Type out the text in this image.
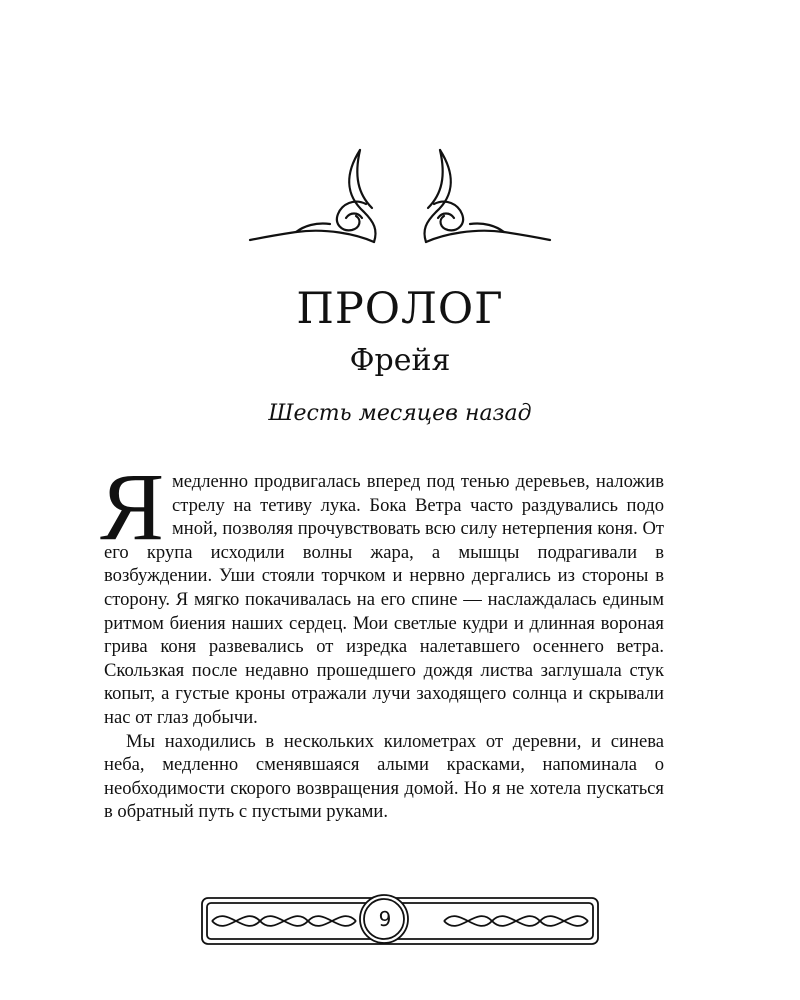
ПРОЛОГ
Фрейя
Шесть месяцев назад

Ямедленно продвигалась вперед под тенью деревьев, наложив стрелу на тетиву лука. Бока Ветра часто раздувались подо мной, позволяя прочувствовать всю силу нетерпения коня. От его крупа исходили волны жара, а мышцы подрагивали в возбуждении. Уши стояли торчком и нервно дергались из стороны в сторону. Я мягко покачивалась на его спине — наслаждалась единым ритмом биения наших сердец. Мои светлые кудри и длинная вороная грива коня развевались от изредка налетавшего осеннего ветра. Скользкая после недавно прошедшего дождя листва заглушала стук копыт, а густые кроны отражали лучи заходящего солнца и скрывали нас от глаз добычи.

Мы находились в нескольких километрах от деревни, и синева неба, медленно сменявшаяся алыми красками, напоминала о необходимости скорого возвращения домой. Но я не хотела пускаться в обратный путь с пустыми руками.

9
